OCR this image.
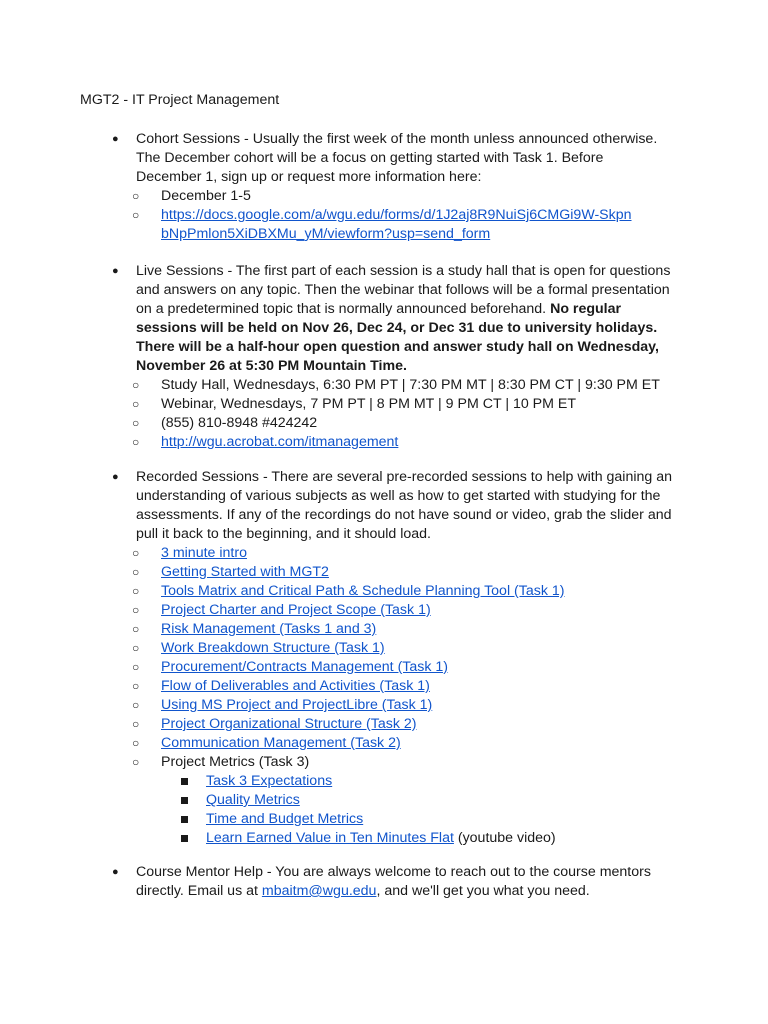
MGT2 - IT Project Management
●	Cohort Sessions - Usually the first week of the month unless announced otherwise. The December cohort will be a focus on getting started with Task 1. Before December 1, sign up or request more information here:
○ December 1-5
○ https://docs.google.com/a/wgu.edu/forms/d/1J2aj8R9NuiSj6CMGi9W-SkpnbNpPmlon5XiDBXMu_yM/viewform?usp=send_form
●	Live Sessions - The first part of each session is a study hall that is open for questions and answers on any topic. Then the webinar that follows will be a formal presentation on a predetermined topic that is normally announced beforehand. No regular sessions will be held on Nov 26, Dec 24, or Dec 31 due to university holidays. There will be a half-hour open question and answer study hall on Wednesday, November 26 at 5:30 PM Mountain Time.
○ Study Hall, Wednesdays, 6:30 PM PT | 7:30 PM MT | 8:30 PM CT | 9:30 PM ET
○ Webinar, Wednesdays, 7 PM PT | 8 PM MT | 9 PM CT | 10 PM ET
○ (855) 810-8948 #424242
○ http://wgu.acrobat.com/itmanagement
●	Recorded Sessions - There are several pre-recorded sessions to help with gaining an understanding of various subjects as well as how to get started with studying for the assessments. If any of the recordings do not have sound or video, grab the slider and pull it back to the beginning, and it should load.
○ 3 minute intro
○ Getting Started with MGT2
○ Tools Matrix and Critical Path & Schedule Planning Tool (Task 1)
○ Project Charter and Project Scope (Task 1)
○ Risk Management (Tasks 1 and 3)
○ Work Breakdown Structure (Task 1)
○ Procurement/Contracts Management (Task 1)
○ Flow of Deliverables and Activities (Task 1)
○ Using MS Project and ProjectLibre (Task 1)
○ Project Organizational Structure (Task 2)
○ Communication Management (Task 2)
○ Project Metrics (Task 3)
Task 3 Expectations
Quality Metrics
Time and Budget Metrics
Learn Earned Value in Ten Minutes Flat (youtube video)
●	Course Mentor Help - You are always welcome to reach out to the course mentors directly. Email us at mbaitm@wgu.edu, and we'll get you what you need.
